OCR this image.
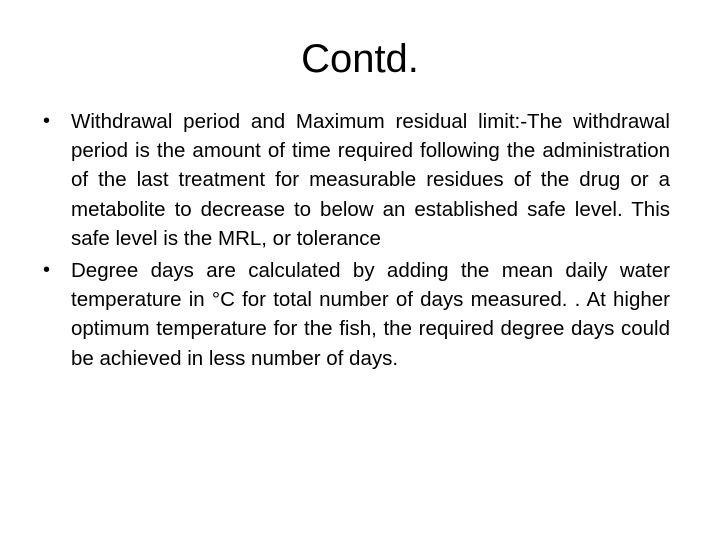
Contd.
• Withdrawal period and Maximum residual limit:-The withdrawal period is the amount of time required following the administration of the last treatment for measurable residues of the drug or a metabolite to decrease to below an established safe level. This safe level is the MRL, or tolerance
• Degree days are calculated by adding the mean daily water temperature in °C for total number of days measured. . At higher optimum temperature for the fish, the required degree days could be achieved in less number of days.
